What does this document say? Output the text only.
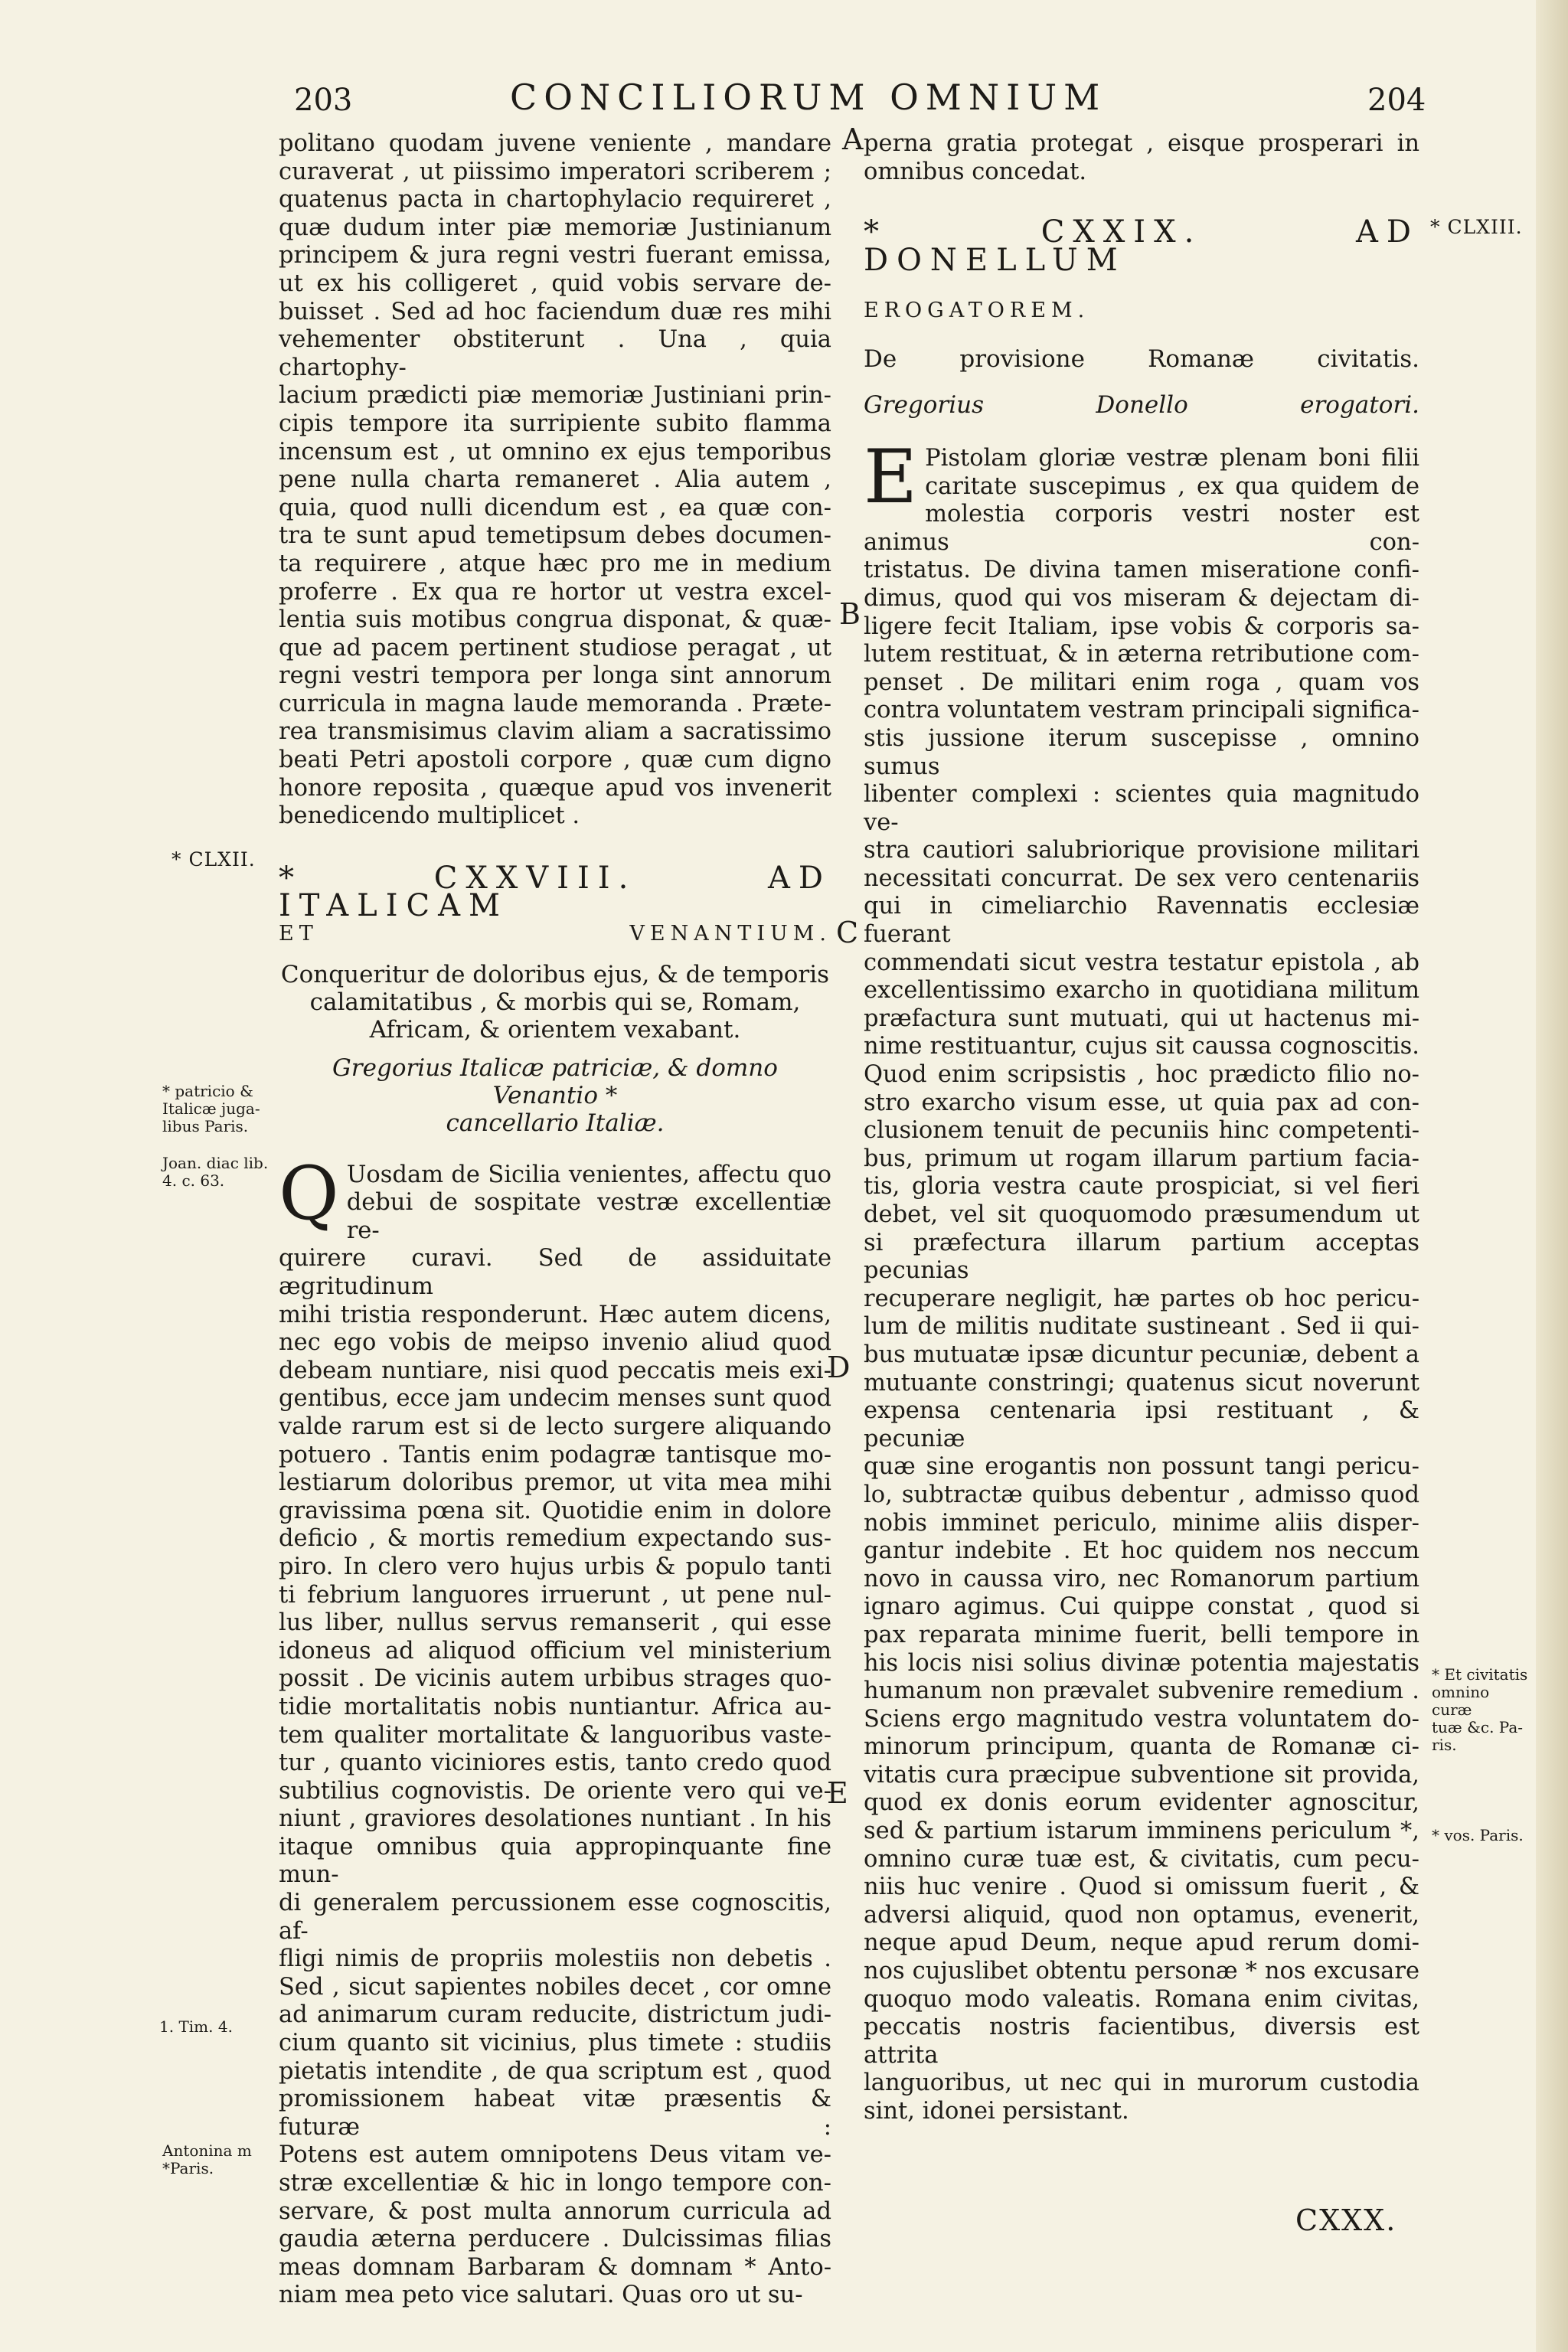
203	CONCILIORUM OMNIUM	204

politano quodam juvene veniente , mandare

curaverat , ut piissimo imperatori scriberem ;

quatenus pacta in chartophylacio requireret ,

quæ dudum inter piæ memoriæ Justinianum

principem & jura regni vestri fuerant emissa,

ut ex his colligeret , quid vobis servare de-

buisset . Sed ad hoc faciendum duæ res mihi

vehementer obstiterunt . Una , quia chartophy-

lacium prædicti piæ memoriæ Justiniani prin-

cipis tempore ita surripiente subito flamma

incensum est , ut omnino ex ejus temporibus

pene nulla charta remaneret . Alia autem ,

quia, quod nulli dicendum est , ea quæ con-

tra te sunt apud temetipsum debes documen-

ta requirere , atque hæc pro me in medium

proferre . Ex qua re hortor ut vestra excel-

lentia suis motibus congrua disponat, & quæ-

que ad pacem pertinent studiose peragat , ut

regni vestri tempora per longa sint annorum

curricula in magna laude memoranda . Præte-

rea transmisimus clavim aliam a sacratissimo

beati Petri apostoli corpore , quæ cum digno

honore reposita , quæque apud vos invenerit

benedicendo multiplicet .

* CXXVIII. AD ITALICAM

ET VENANTIUM.

Conqueritur de doloribus ejus, & de temporis
calamitatibus , & morbis qui se, Romam,
Africam, & orientem vexabant.
Gregorius Italicæ patriciæ, & domno Venantio *
cancellario Italiæ.
Q Uosdam de Sicilia venientes, affectu quo

debui de sospitate vestræ excellentiæ re-

quirere curavi. Sed de assiduitate ægritudinum

mihi tristia responderunt. Hæc autem dicens,

nec ego vobis de meipso invenio aliud quod

debeam nuntiare, nisi quod peccatis meis exi-

gentibus, ecce jam undecim menses sunt quod

valde rarum est si de lecto surgere aliquando

potuero . Tantis enim podagræ tantisque mo-

lestiarum doloribus premor, ut vita mea mihi

gravissima pœna sit. Quotidie enim in dolore

deficio , & mortis remedium expectando sus-

piro. In clero vero hujus urbis & populo tanti

ti febrium languores irruerunt , ut pene nul-

lus liber, nullus servus remanserit , qui esse

idoneus ad aliquod officium vel ministerium

possit . De vicinis autem urbibus strages quo-

tidie mortalitatis nobis nuntiantur. Africa au-

tem qualiter mortalitate & languoribus vaste-

tur , quanto viciniores estis, tanto credo quod

subtilius cognovistis. De oriente vero qui ve-

niunt , graviores desolationes nuntiant . In his

itaque omnibus quia appropinquante fine mun-

di generalem percussionem esse cognoscitis, af-

fligi nimis de propriis molestiis non debetis .

Sed , sicut sapientes nobiles decet , cor omne

ad animarum curam reducite, districtum judi-

cium quanto sit vicinius, plus timete : studiis

pietatis intendite , de qua scriptum est , quod

promissionem habeat vitæ præsentis & futuræ :

Potens est autem omnipotens Deus vitam ve-

stræ excellentiæ & hic in longo tempore con-

servare, & post multa annorum curricula ad

gaudia æterna perducere . Dulcissimas filias

meas domnam Barbaram & domnam * Anto-

niam mea peto vice salutari. Quas oro ut su-

perna gratia protegat , eisque prosperari in

omnibus concedat.

* CXXIX. AD DONELLUM

EROGATOREM.

De provisione Romanæ civitatis.

Gregorius Donello erogatori.

E Pistolam gloriæ vestræ plenam boni filii

caritate suscepimus , ex qua quidem de

molestia corporis vestri noster est animus con-

tristatus. De divina tamen miseratione confi-

dimus, quod qui vos miseram & dejectam di-

ligere fecit Italiam, ipse vobis & corporis sa-

lutem restituat, & in æterna retributione com-

penset . De militari enim roga , quam vos

contra voluntatem vestram principali significa-

stis jussione iterum suscepisse , omnino sumus

libenter complexi : scientes quia magnitudo ve-

stra cautiori salubriorique provisione militari

necessitati concurrat. De sex vero centenariis

qui in cimeliarchio Ravennatis ecclesiæ fuerant

commendati sicut vestra testatur epistola , ab

excellentissimo exarcho in quotidiana militum

præfactura sunt mutuati, qui ut hactenus mi-

nime restituantur, cujus sit caussa cognoscitis.

Quod enim scripsistis , hoc prædicto filio no-

stro exarcho visum esse, ut quia pax ad con-

clusionem tenuit de pecuniis hinc competenti-

bus, primum ut rogam illarum partium facia-

tis, gloria vestra caute prospiciat, si vel fieri

debet, vel sit quoquomodo præsumendum ut

si præfectura illarum partium acceptas pecunias

recuperare negligit, hæ partes ob hoc pericu-

lum de militis nuditate sustineant . Sed ii qui-

bus mutuatæ ipsæ dicuntur pecuniæ, debent a

mutuante constringi; quatenus sicut noverunt

expensa centenaria ipsi restituant , & pecuniæ

quæ sine erogantis non possunt tangi pericu-

lo, subtractæ quibus debentur , admisso quod

nobis imminet periculo, minime aliis disper-

gantur indebite . Et hoc quidem nos neccum

novo in caussa viro, nec Romanorum partium

ignaro agimus. Cui quippe constat , quod si

pax reparata minime fuerit, belli tempore in

his locis nisi solius divinæ potentia majestatis

humanum non prævalet subvenire remedium .

Sciens ergo magnitudo vestra voluntatem do-

minorum principum, quanta de Romanæ ci-

vitatis cura præcipue subventione sit provida,

quod ex donis eorum evidenter agnoscitur,

sed & partium istarum imminens periculum *,

omnino curæ tuæ est, & civitatis, cum pecu-

niis huc venire . Quod si omissum fuerit , &

adversi aliquid, quod non optamus, evenerit,

neque apud Deum, neque apud rerum domi-

nos cujuslibet obtentu personæ * nos excusare

quoquo modo valeatis. Romana enim civitas,

peccatis nostris facientibus, diversis est attrita

languoribus, ut nec qui in murorum custodia

sint, idonei persistant.

A
B
C
D
E
* CLXII.
* CLXIII.
* patricio &
Italicæ juga-
libus Paris.
Joan. diac lib.
4. c. 63.
1. Tim. 4.
Antonina m
*Paris.
* Et civitatis
omnino curæ
tuæ &c. Pa-
ris.
* vos. Paris.
CXXX.
